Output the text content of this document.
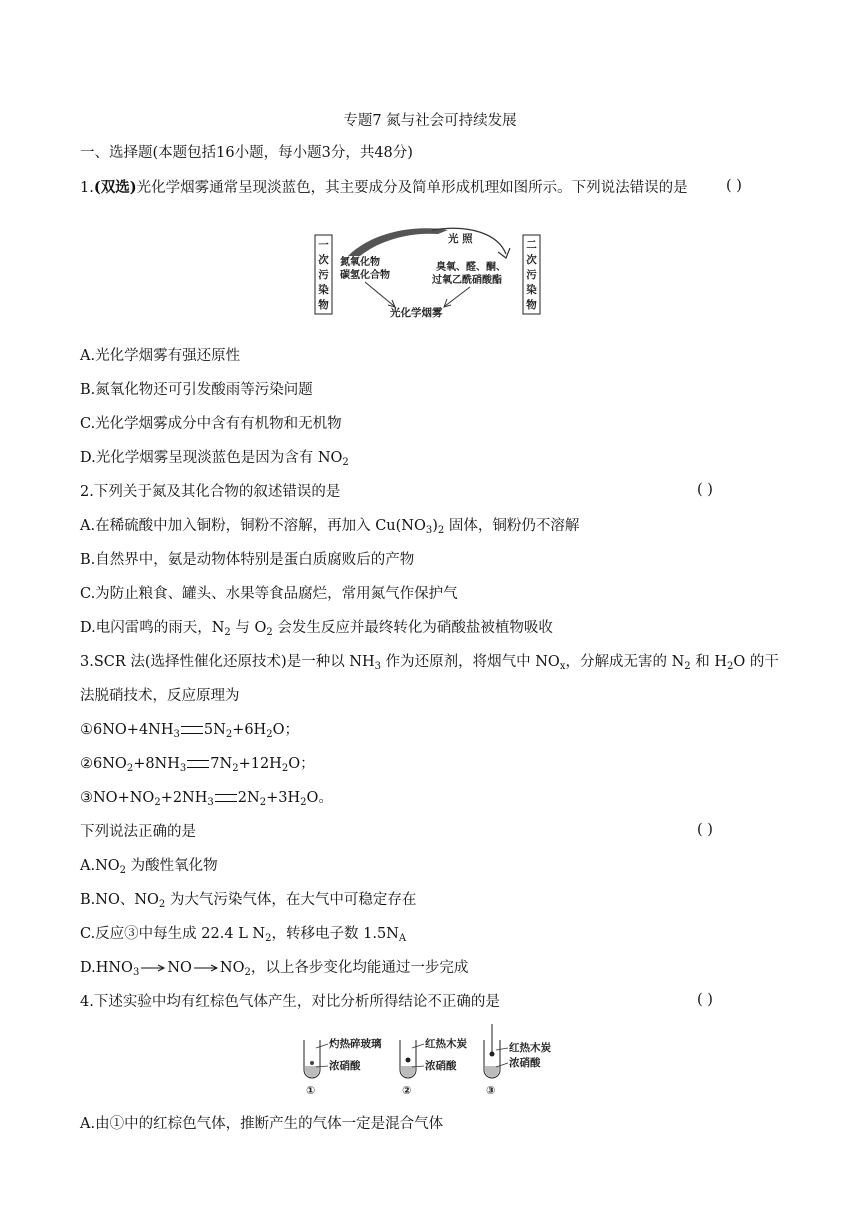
专题7 氮与社会可持续发展
一、选择题(本题包括16小题，每小题3分，共48分)
1.(双选)光化学烟雾通常呈现淡蓝色，其主要成分及简单形成机理如图所示。下列说法错误的是	( )
一
次
污
染
物
二
次
污
染
物
光 照
氮氧化物
碳氢化合物
臭氧、醛、酮、
过氧乙酰硝酸酯
光化学烟雾
A.光化学烟雾有强还原性
B.氮氧化物还可引发酸雨等污染问题
C.光化学烟雾成分中含有有机物和无机物
D.光化学烟雾呈现淡蓝色是因为含有 $NO_2$
2.下列关于氮及其化合物的叙述错误的是	( )
A.在稀硫酸中加入铜粉，铜粉不溶解，再加入 $Cu(NO_3)_2$ 固体，铜粉仍不溶解
B.自然界中，氨是动物体特别是蛋白质腐败后的产物
C.为防止粮食、罐头、水果等食品腐烂，常用氮气作保护气
D.电闪雷鸣的雨天，$N_2$ 与 $O_2$ 会发生反应并最终转化为硝酸盐被植物吸收
3.SCR 法(选择性催化还原技术)是一种以 $NH_3$ 作为还原剂，将烟气中 $NO_x$，分解成无害的 $N_2$ 和 $H_2O$ 的干
法脱硝技术，反应原理为
$①6NO+4NH_3$ $5N_2+6H_2O$；
$②6NO_2+8NH_3$ $7N_2+12H_2O$；
$③NO+NO_2+2NH_3$ $2N_2+3H_2O$。
下列说法正确的是	( )
$A.NO_2$ 为酸性氧化物
B.NO、$NO_2$ 为大气污染气体，在大气中可稳定存在
C.反应③中每生成 22.4 L $N_2$，转移电子数 $1.5N_A$
$D.HNO_3$ NO $NO_2$，以上各步变化均能通过一步完成
4.下述实验中均有红棕色气体产生，对比分析所得结论不正确的是	( )
灼热碎玻璃
浓硝酸
①
红热木炭
浓硝酸
②
红热木炭
浓硝酸
③
A.由①中的红棕色气体，推断产生的气体一定是混合气体
